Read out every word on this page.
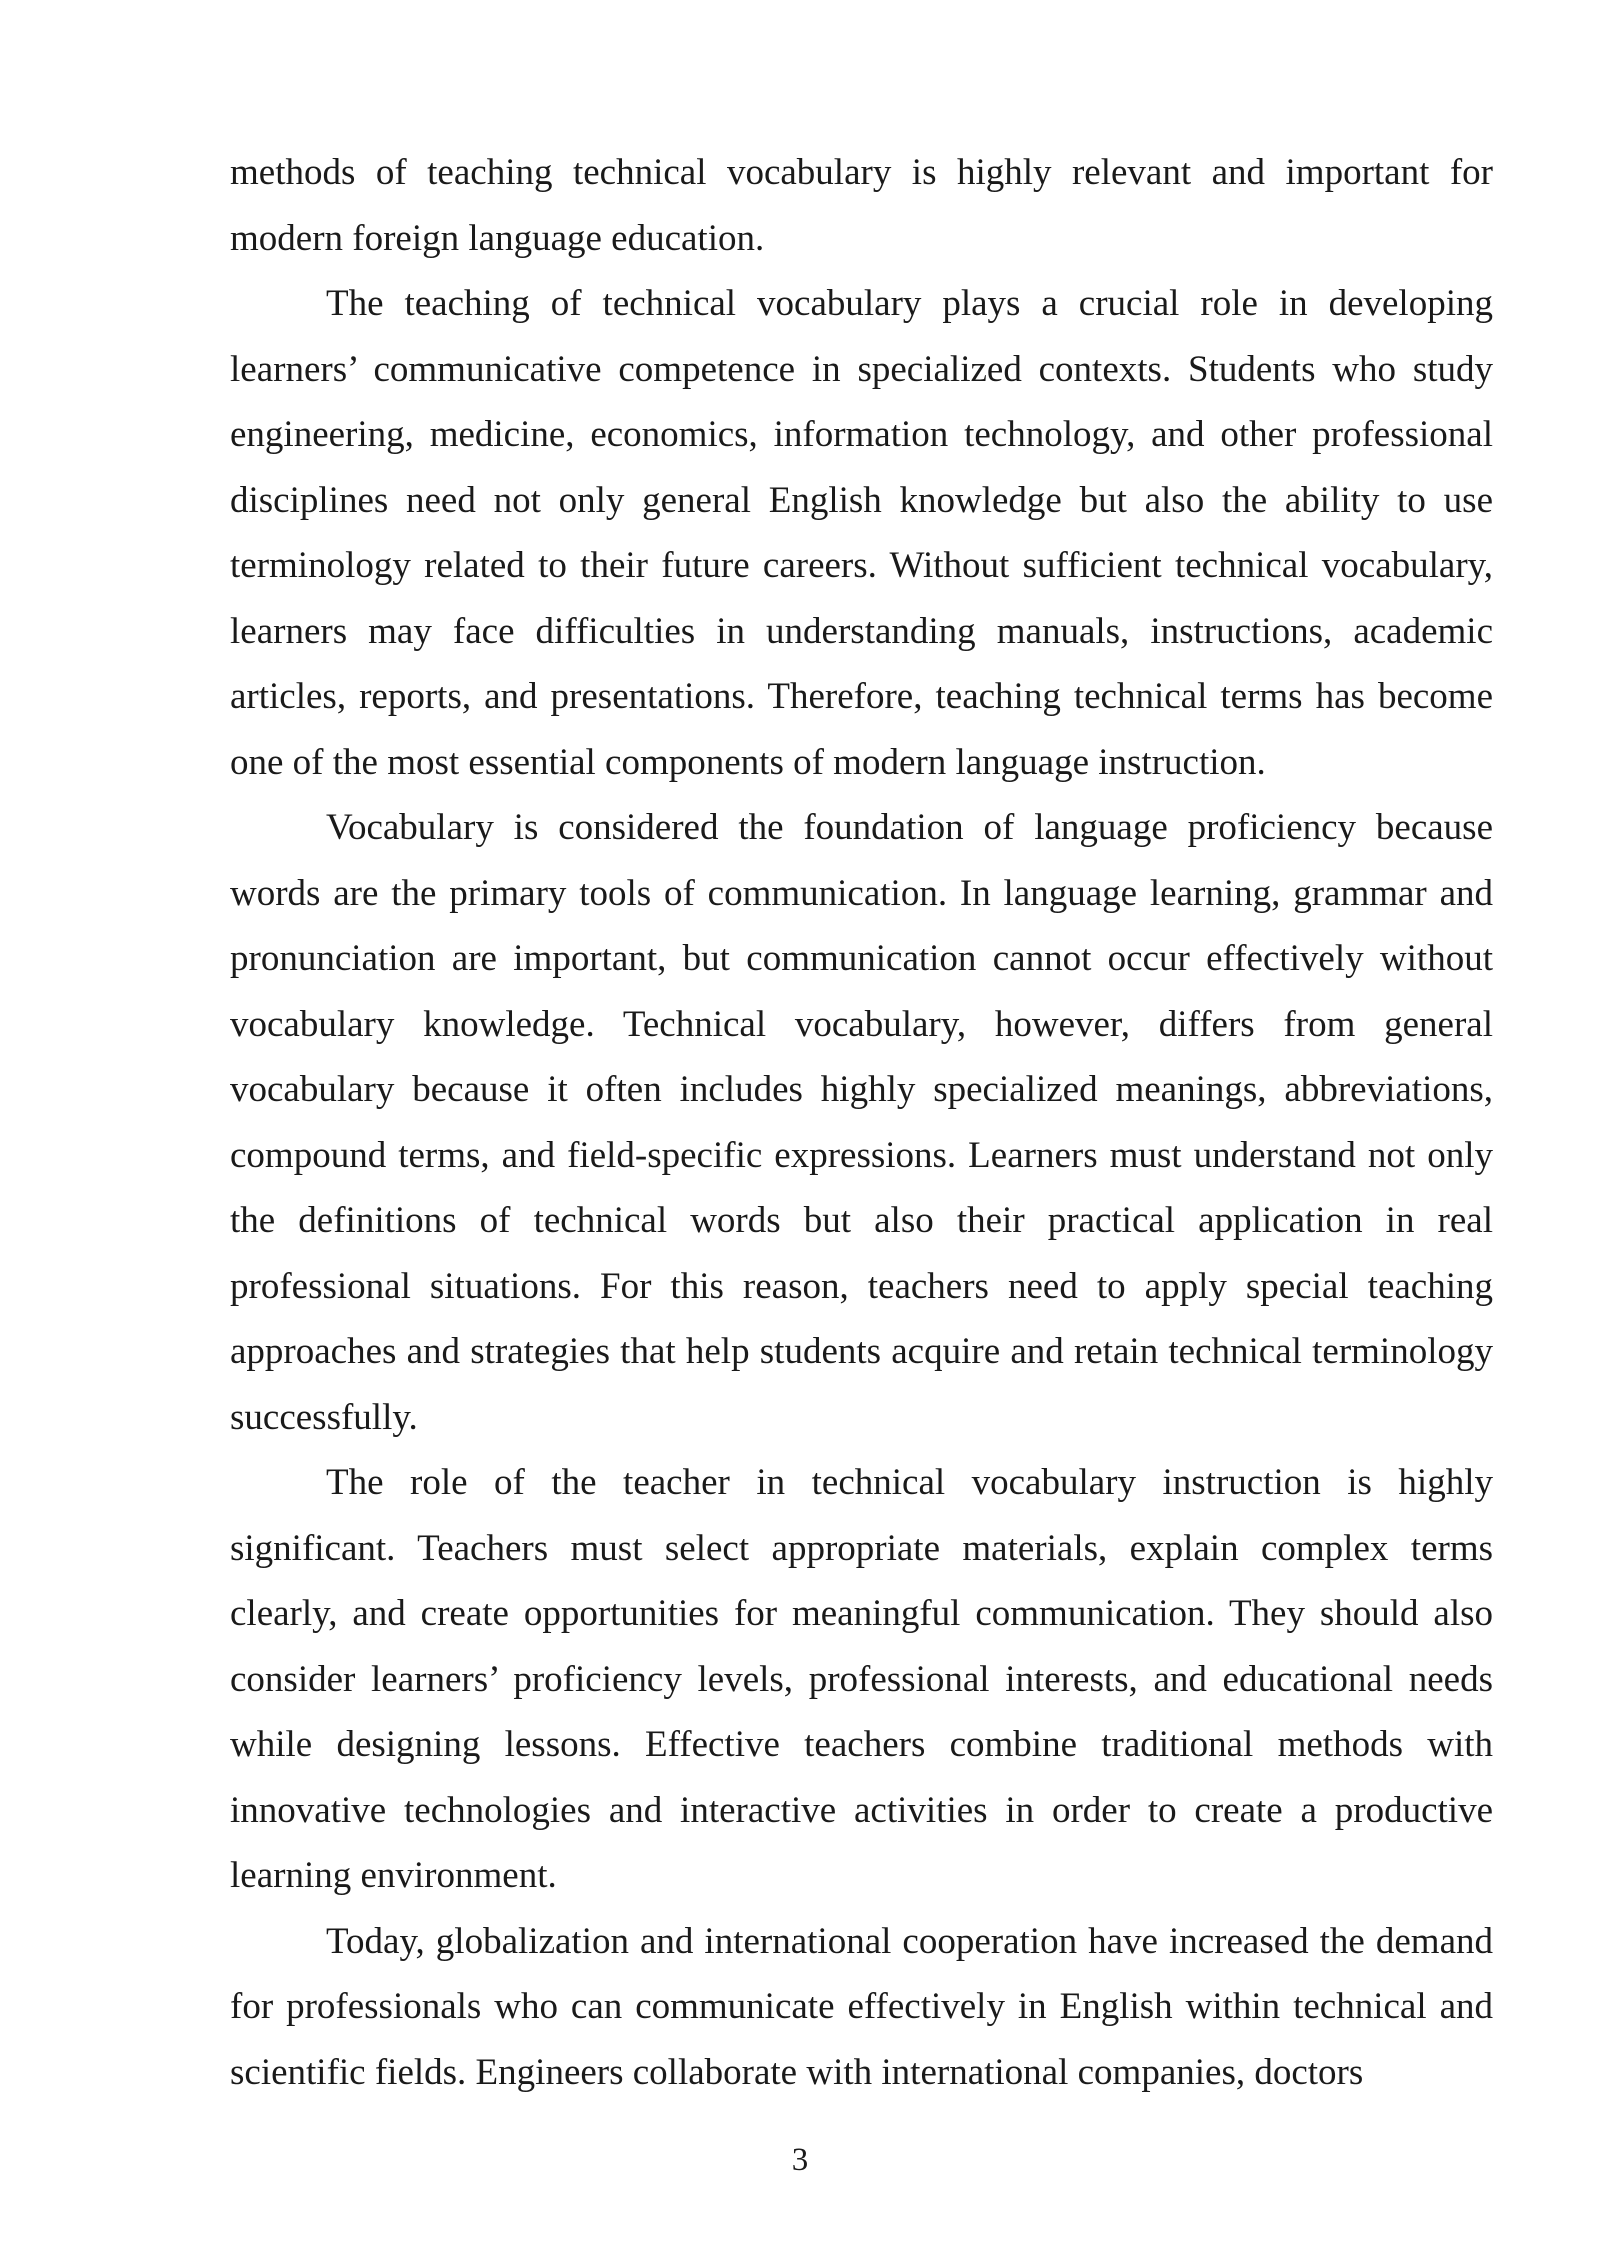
methods of teaching technical vocabulary is highly relevant and important for modern foreign language education.

The teaching of technical vocabulary plays a crucial role in developing learners’ communicative competence in specialized contexts. Students who study engineering, medicine, economics, information technology, and other professional disciplines need not only general English knowledge but also the ability to use terminology related to their future careers. Without sufficient technical vocabulary, learners may face difficulties in understanding manuals, instructions, academic articles, reports, and presentations. Therefore, teaching technical terms has become one of the most essential components of modern language instruction.

Vocabulary is considered the foundation of language proficiency because words are the primary tools of communication. In language learning, grammar and pronunciation are important, but communication cannot occur effectively without vocabulary knowledge. Technical vocabulary, however, differs from general vocabulary because it often includes highly specialized meanings, abbreviations, compound terms, and field-specific expressions. Learners must understand not only the definitions of technical words but also their practical application in real professional situations. For this reason, teachers need to apply special teaching approaches and strategies that help students acquire and retain technical terminology successfully.

The role of the teacher in technical vocabulary instruction is highly significant. Teachers must select appropriate materials, explain complex terms clearly, and create opportunities for meaningful communication. They should also consider learners’ proficiency levels, professional interests, and educational needs while designing lessons. Effective teachers combine traditional methods with innovative technologies and interactive activities in order to create a productive learning environment.

Today, globalization and international cooperation have increased the demand for professionals who can communicate effectively in English within technical and scientific fields. Engineers collaborate with international companies, doctors

3
